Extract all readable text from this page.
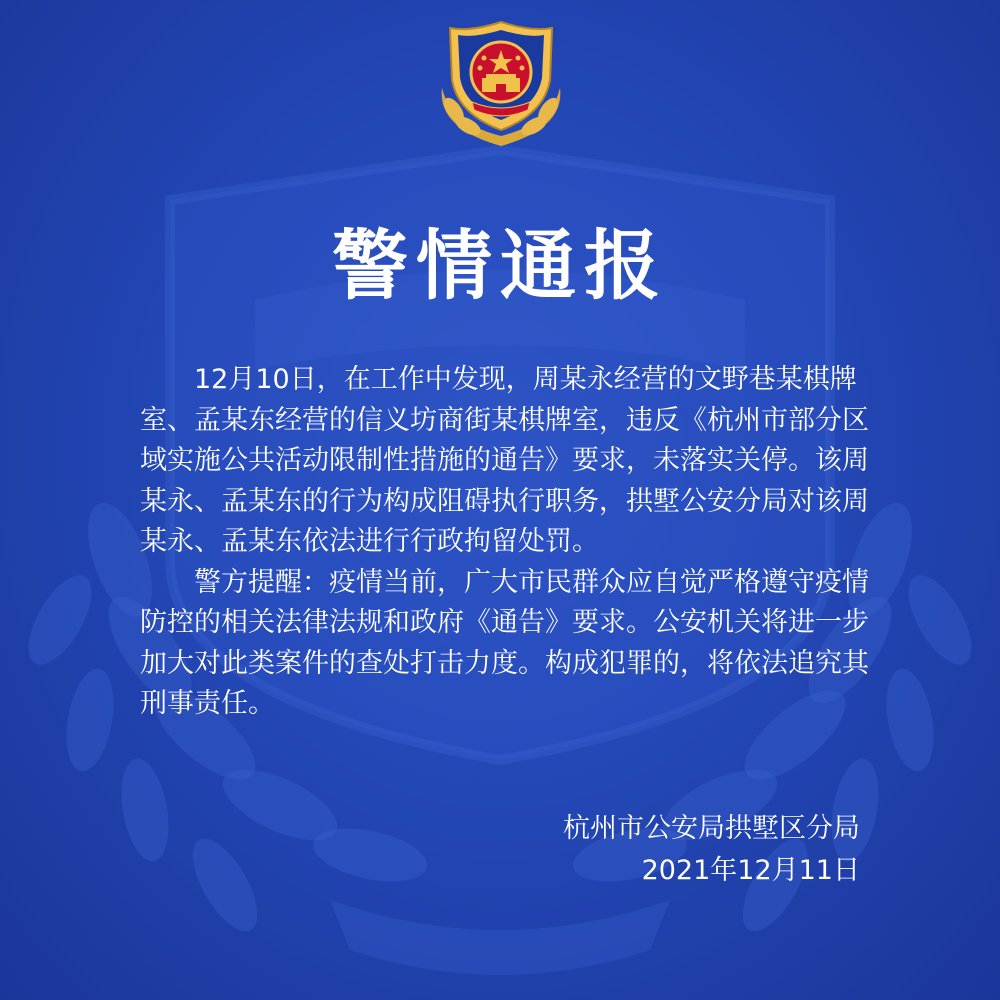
警情通报

12月10日，在工作中发现，周某永经营的文野巷某棋牌室、孟某东经营的信义坊商街某棋牌室，违反《杭州市部分区域实施公共活动限制性措施的通告》要求，未落实关停。该周某永、孟某东的行为构成阻碍执行职务，拱墅公安分局对该周某永、孟某东依法进行行政拘留处罚。

警方提醒：疫情当前，广大市民群众应自觉严格遵守疫情防控的相关法律法规和政府《通告》要求。公安机关将进一步加大对此类案件的查处打击力度。构成犯罪的，将依法追究其刑事责任。

杭州市公安局拱墅区分局
2021年12月11日
